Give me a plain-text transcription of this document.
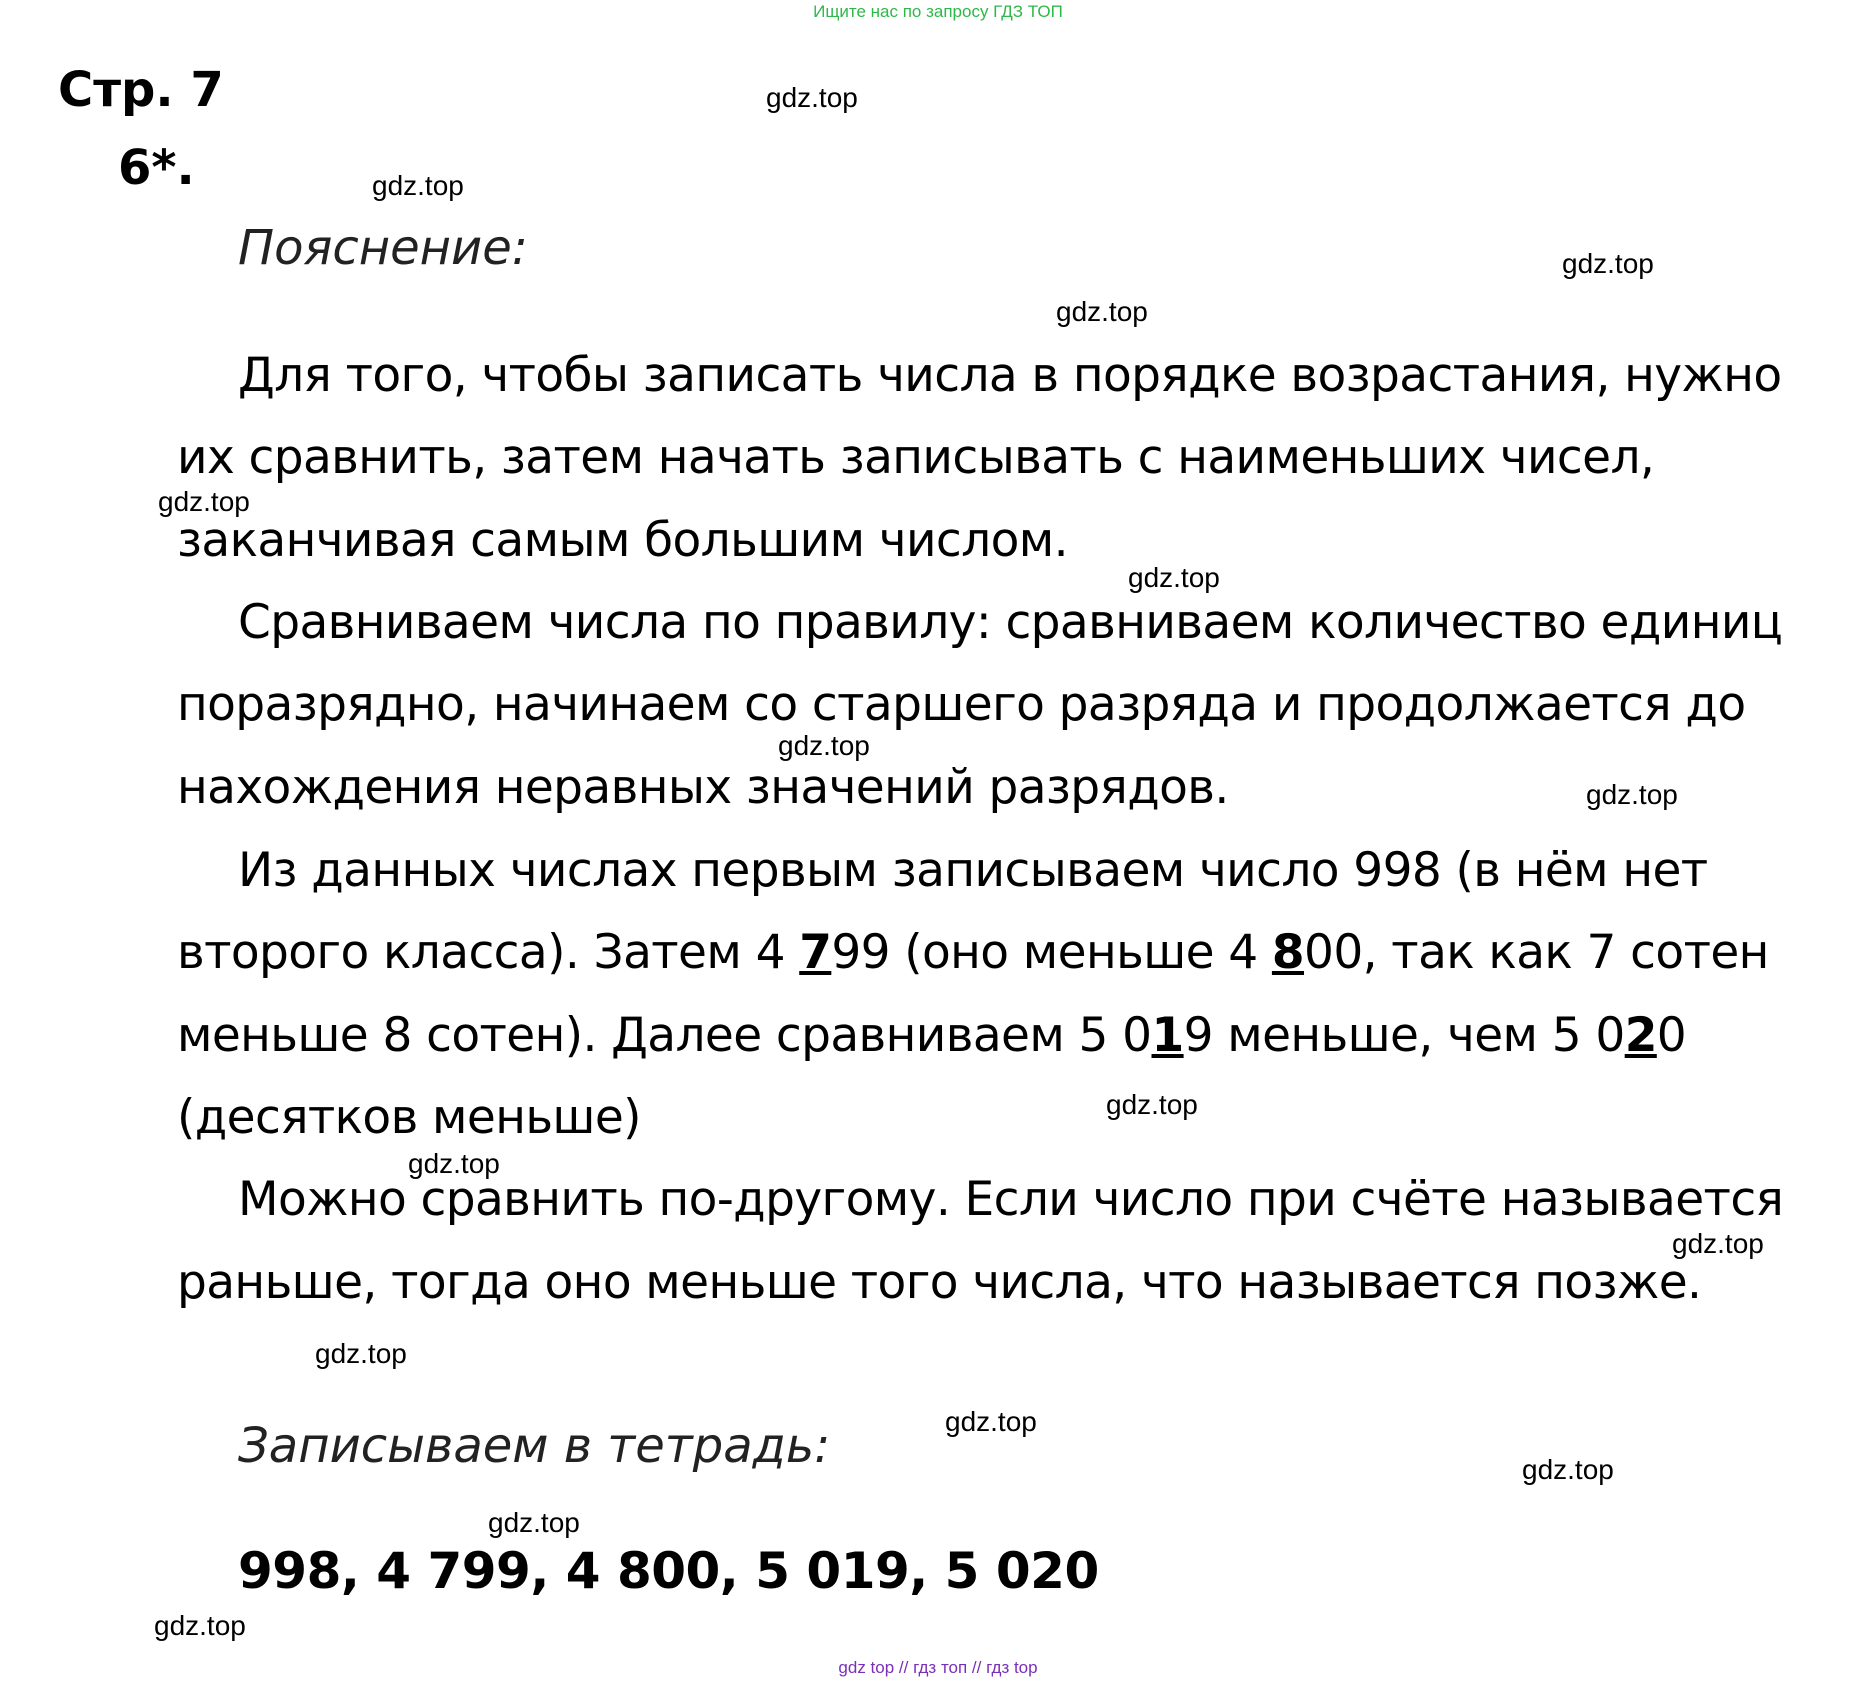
Ищите нас по запросу ГДЗ ТОП
Стр. 7
6*.
Пояснение:
Для того, чтобы записать числа в порядке возрастания, нужно
их сравнить, затем начать записывать с наименьших чисел,
заканчивая самым большим числом.
Сравниваем числа по правилу: сравниваем количество единиц
поразрядно, начинаем со старшего разряда и продолжается до
нахождения неравных значений разрядов.
Из данных числах первым записываем число 998 (в нём нет
второго класса). Затем 4 799 (оно меньше 4 800, так как 7 сотен
меньше 8 сотен). Далее сравниваем 5 019 меньше, чем 5 020
(десятков меньше)
Можно сравнить по-другому. Если число при счёте называется
раньше, тогда оно меньше того числа, что называется позже.
Записываем в тетрадь:
998, 4 799, 4 800, 5 019, 5 020
gdz.top
gdz.top
gdz.top
gdz.top
gdz.top
gdz.top
gdz.top
gdz.top
gdz.top
gdz.top
gdz.top
gdz.top
gdz.top
gdz.top
gdz.top
gdz.top
gdz top // гдз топ // гдз top
